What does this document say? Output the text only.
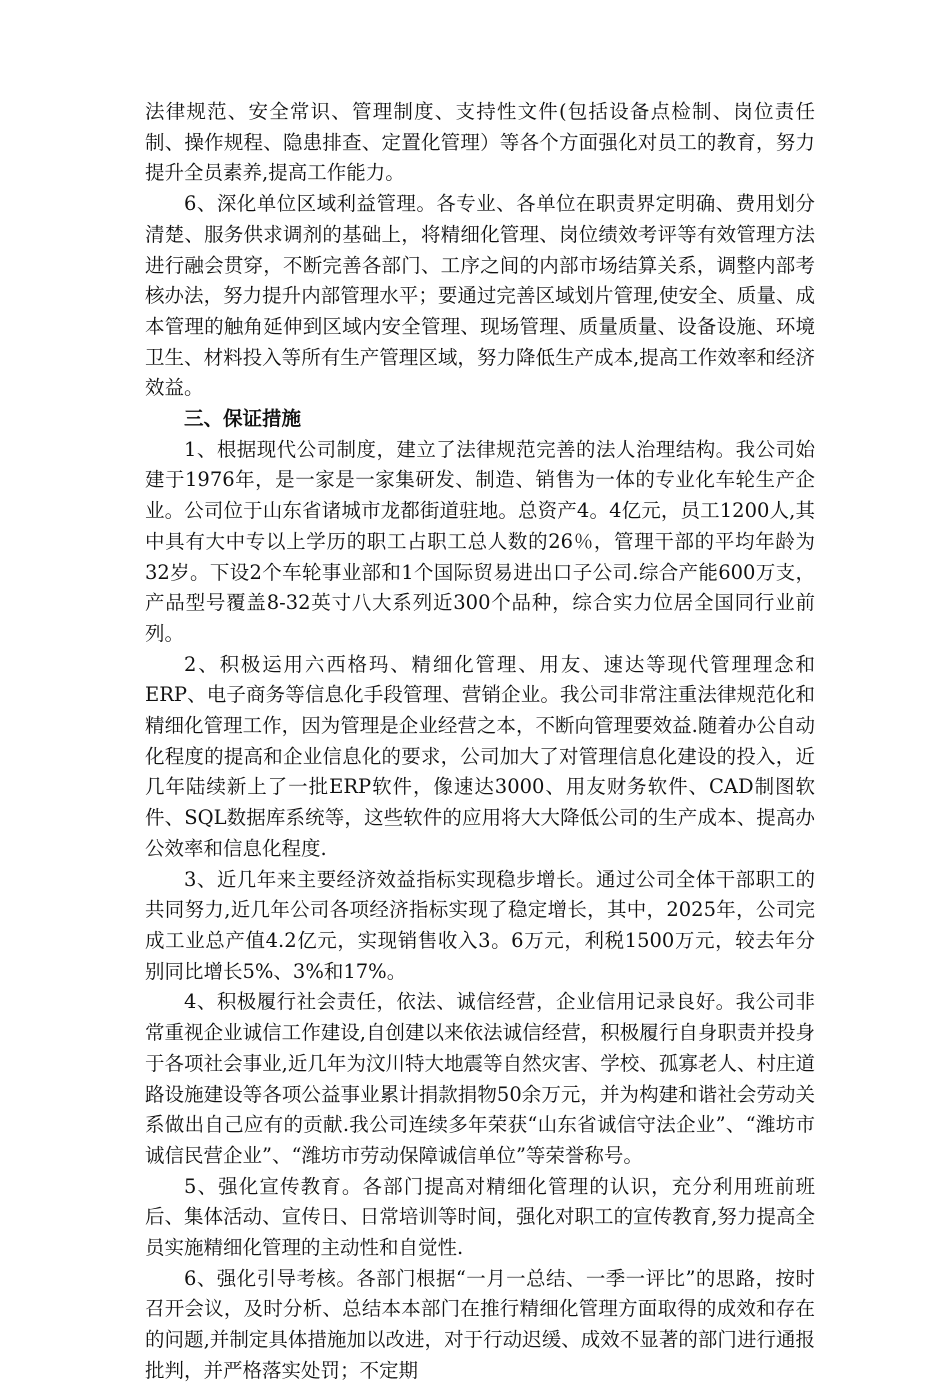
法律规范、安全常识、管理制度、支持性文件(包括设备点检制、岗位责任制、操作规程、隐患排查、定置化管理）等各个方面强化对员工的教育，努力提升全员素养,提高工作能力。

6、深化单位区域利益管理。各专业、各单位在职责界定明确、费用划分清楚、服务供求调剂的基础上，将精细化管理、岗位绩效考评等有效管理方法进行融会贯穿，不断完善各部门、工序之间的内部市场结算关系，调整内部考核办法，努力提升内部管理水平；要通过完善区域划片管理,使安全、质量、成本管理的触角延伸到区域内安全管理、现场管理、质量质量、设备设施、环境卫生、材料投入等所有生产管理区域，努力降低生产成本,提高工作效率和经济效益。

三、保证措施

1、根据现代公司制度，建立了法律规范完善的法人治理结构。我公司始建于1976年，是一家是一家集研发、制造、销售为一体的专业化车轮生产企业。公司位于山东省诸城市龙都街道驻地。总资产4。4亿元，员工1200人,其中具有大中专以上学历的职工占职工总人数的26％，管理干部的平均年龄为32岁。下设2个车轮事业部和1个国际贸易进出口子公司.综合产能600万支，产品型号覆盖8-32英寸八大系列近300个品种，综合实力位居全国同行业前列。

2、积极运用六西格玛、精细化管理、用友、速达等现代管理理念和ERP、电子商务等信息化手段管理、营销企业。我公司非常注重法律规范化和精细化管理工作，因为管理是企业经营之本，不断向管理要效益.随着办公自动化程度的提高和企业信息化的要求，公司加大了对管理信息化建设的投入，近几年陆续新上了一批ERP软件，像速达3000、用友财务软件、CAD制图软件、SQL数据库系统等，这些软件的应用将大大降低公司的生产成本、提高办公效率和信息化程度.

3、近几年来主要经济效益指标实现稳步增长。通过公司全体干部职工的共同努力,近几年公司各项经济指标实现了稳定增长，其中，2025年，公司完成工业总产值4.2亿元，实现销售收入3。6万元，利税1500万元，较去年分别同比增长5%、3%和17%。

4、积极履行社会责任，依法、诚信经营，企业信用记录良好。我公司非常重视企业诚信工作建设,自创建以来依法诚信经营，积极履行自身职责并投身于各项社会事业,近几年为汶川特大地震等自然灾害、学校、孤寡老人、村庄道路设施建设等各项公益事业累计捐款捐物50余万元，并为构建和谐社会劳动关系做出自己应有的贡献.我公司连续多年荣获“山东省诚信守法企业”、“潍坊市诚信民营企业”、“潍坊市劳动保障诚信单位”等荣誉称号。

5、强化宣传教育。各部门提高对精细化管理的认识，充分利用班前班后、集体活动、宣传日、日常培训等时间，强化对职工的宣传教育,努力提高全员实施精细化管理的主动性和自觉性.

6、强化引导考核。各部门根据“一月一总结、一季一评比”的思路，按时召开会议，及时分析、总结本本部门在推行精细化管理方面取得的成效和存在的问题,并制定具体措施加以改进，对于行动迟缓、成效不显著的部门进行通报批判，并严格落实处罚；不定期
